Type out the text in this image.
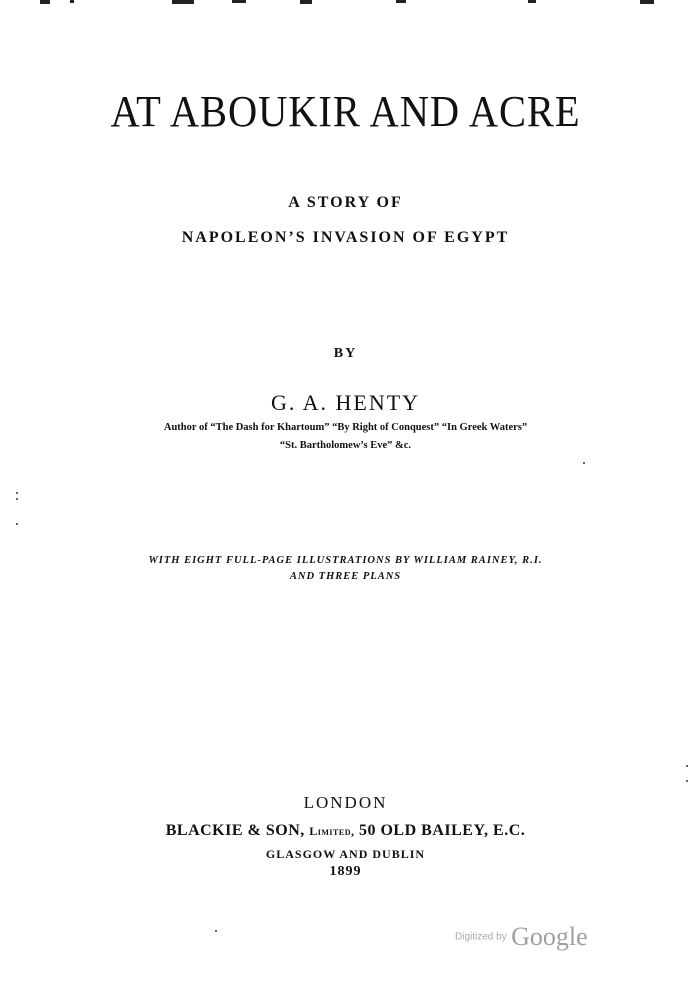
AT ABOUKIR AND ACRE
A STORY OF
NAPOLEON’S INVASION OF EGYPT
BY
G. A. HENTY
Author of “The Dash for Khartoum” “By Right of Conquest” “In Greek Waters”
“St. Bartholomew’s Eve” &c.
WITH EIGHT FULL-PAGE ILLUSTRATIONS BY WILLIAM RAINEY, R.I.
AND THREE PLANS
LONDON
BLACKIE & SON, Limited, 50 OLD BAILEY, E.C.
GLASGOW AND DUBLIN
1899
Digitized by Google
